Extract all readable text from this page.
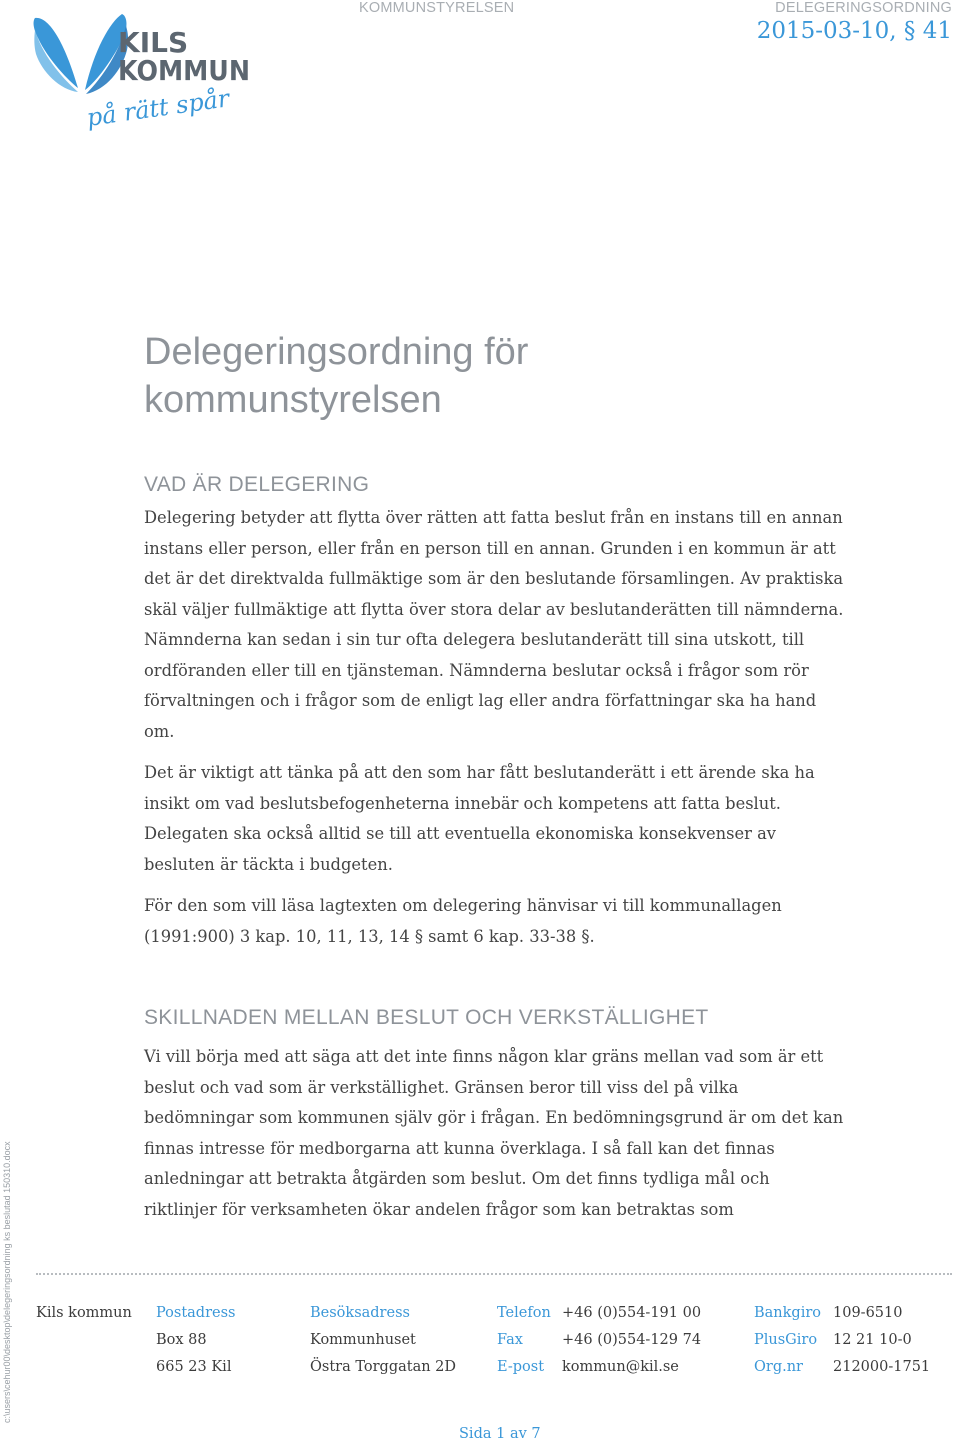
KILS
KOMMUN
på rätt spår
KOMMUNSTYRELSEN	DELEGERINGSORDNING
2015-03-10, § 41
Delegeringsordning för
kommunstyrelsen
VAD ÄR DELEGERING

Delegering betyder att flytta över rätten att fatta beslut från en instans till en annan instans eller person, eller från en person till en annan. Grunden i en kommun är att det är det direktvalda fullmäktige som är den beslutande församlingen. Av praktiska skäl väljer fullmäktige att flytta över stora delar av beslutanderätten till nämnderna. Nämnderna kan sedan i sin tur ofta delegera beslutanderätt till sina utskott, till ordföranden eller till en tjänsteman. Nämnderna beslutar också i frågor som rör förvaltningen och i frågor som de enligt lag eller andra författningar ska ha hand om.

Det är viktigt att tänka på att den som har fått beslutanderätt i ett ärende ska ha insikt om vad beslutsbefogenheterna innebär och kompetens att fatta beslut. Delegaten ska också alltid se till att eventuella ekonomiska konsekvenser av besluten är täckta i budgeten.

För den som vill läsa lagtexten om delegering hänvisar vi till kommunallagen (1991:900) 3 kap. 10, 11, 13, 14 § samt 6 kap. 33-38 §.

SKILLNADEN MELLAN BESLUT OCH VERKSTÄLLIGHET

Vi vill börja med att säga att det inte finns någon klar gräns mellan vad som är ett beslut och vad som är verkställighet. Gränsen beror till viss del på vilka bedömningar som kommunen själv gör i frågan. En bedömningsgrund är om det kan finnas intresse för medborgarna att kunna överklaga. I så fall kan det finnas anledningar att betrakta åtgärden som beslut. Om det finns tydliga mål och riktlinjer för verksamheten ökar andelen frågor som kan betraktas som

c:\users\cehur00\desktop\delegeringsordning ks beslutad 150310.docx Kils kommun Postadress
Box 88
665 23 Kil
Besöksadress
Kommunhuset
Östra Torggatan 2D
Telefon
Fax
E-post
+46 (0)554-191 00
+46 (0)554-129 74
kommun@kil.se
Bankgiro
PlusGiro
Org.nr
109-6510
12 21 10-0
212000-1751
Sida 1 av 7
